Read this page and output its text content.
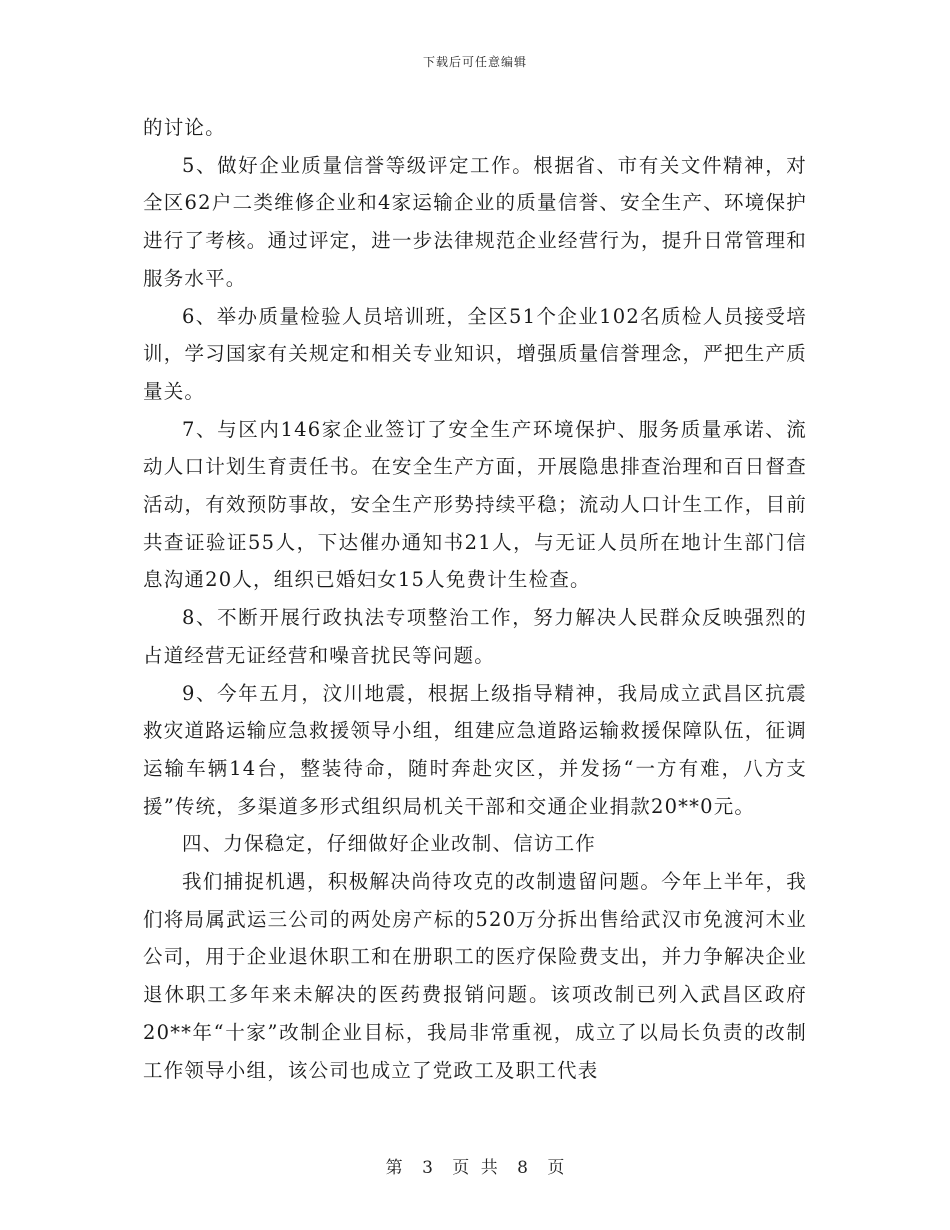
下载后可任意编辑

的讨论。

5、做好企业质量信誉等级评定工作。根据省、市有关文件精神，对全区62户二类维修企业和4家运输企业的质量信誉、安全生产、环境保护进行了考核。通过评定，进一步法律规范企业经营行为，提升日常管理和服务水平。

6、举办质量检验人员培训班，全区51个企业102名质检人员接受培训，学习国家有关规定和相关专业知识，增强质量信誉理念，严把生产质量关。

7、与区内146家企业签订了安全生产环境保护、服务质量承诺、流动人口计划生育责任书。在安全生产方面，开展隐患排查治理和百日督查活动，有效预防事故，安全生产形势持续平稳；流动人口计生工作，目前共查证验证55人，下达催办通知书21人，与无证人员所在地计生部门信息沟通20人，组织已婚妇女15人免费计生检查。

8、不断开展行政执法专项整治工作，努力解决人民群众反映强烈的占道经营无证经营和噪音扰民等问题。

9、今年五月，汶川地震，根据上级指导精神，我局成立武昌区抗震救灾道路运输应急救援领导小组，组建应急道路运输救援保障队伍，征调运输车辆14台，整装待命，随时奔赴灾区，并发扬“一方有难，八方支援”传统，多渠道多形式组织局机关干部和交通企业捐款20**0元。

四、力保稳定，仔细做好企业改制、信访工作

我们捕捉机遇，积极解决尚待攻克的改制遗留问题。今年上半年，我们将局属武运三公司的两处房产标的520万分拆出售给武汉市免渡河木业公司，用于企业退休职工和在册职工的医疗保险费支出，并力争解决企业退休职工多年来未解决的医药费报销问题。该项改制已列入武昌区政府20**年“十家”改制企业目标，我局非常重视，成立了以局长负责的改制工作领导小组，该公司也成立了党政工及职工代表

第 3 页 共 8 页
